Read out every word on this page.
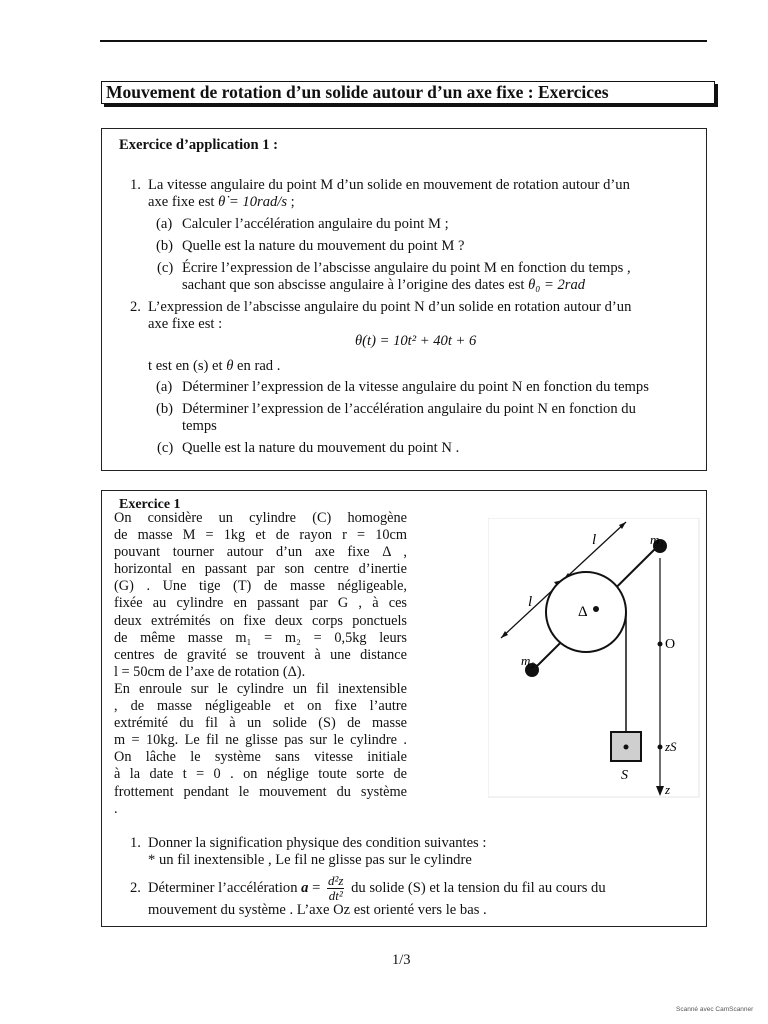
Mouvement de rotation d’un solide autour d’un axe fixe : Exercices
Exercice d’application 1 :
1. La vitesse angulaire du point M d’un solide en mouvement de rotation autour d’un
axe fixe est θ̇ = 10rad/s ;
(a) Calculer l’accélération angulaire du point M ;
(b) Quelle est la nature du mouvement du point M ?
(c) Écrire l’expression de l’abscisse angulaire du point M en fonction du temps ,
sachant que son abscisse angulaire à l’origine des dates est θ₀ = 2rad
2. L’expression de l’abscisse angulaire du point N d’un solide en rotation autour d’un
axe fixe est :
θ(t) = 10t² + 40t + 6
t est en (s) et θ en rad .
(a) Déterminer l’expression de la vitesse angulaire du point N en fonction du temps
(b) Déterminer l’expression de l’accélération angulaire du point N en fonction du
temps
(c) Quelle est la nature du mouvement du point N .
Exercice 1

On considère un cylindre (C) homogène

de masse M = 1kg et de rayon r = 10cm

pouvant tourner autour d’un axe fixe Δ ,

horizontal en passant par son centre d’inertie

(G) . Une tige (T) de masse négligeable,

fixée au cylindre en passant par G , à ces

deux extrémités on fixe deux corps ponctuels

de même masse m₁ = m₂ = 0,5kg leurs

centres de gravité se trouvent à une distance

l = 50cm de l’axe de rotation (Δ).

En enroule sur le cylindre un fil inextensible

, de masse négligeable et on fixe l’autre

extrémité du fil à un solide (S) de masse

m = 10kg. Le fil ne glisse pas sur le cylindre .

On lâche le système sans vitesse initiale

à la date t = 0 . on néglige toute sorte de

frottement pendant le mouvement du système

.

1. Donner la signification physique des condition suivantes :
* un fil inextensible , Le fil ne glisse pas sur le cylindre
2. Déterminer l’accélération $a = \frac{\text{d²z}}{\text{dt²}}$ du solide (S) et la tension du fil au cours du
mouvement du système . L’axe Oz est orienté vers le bas .
l
l
m₁
m₂
Δ
O
zS
S
z
1/3
Scanné avec CamScanner
